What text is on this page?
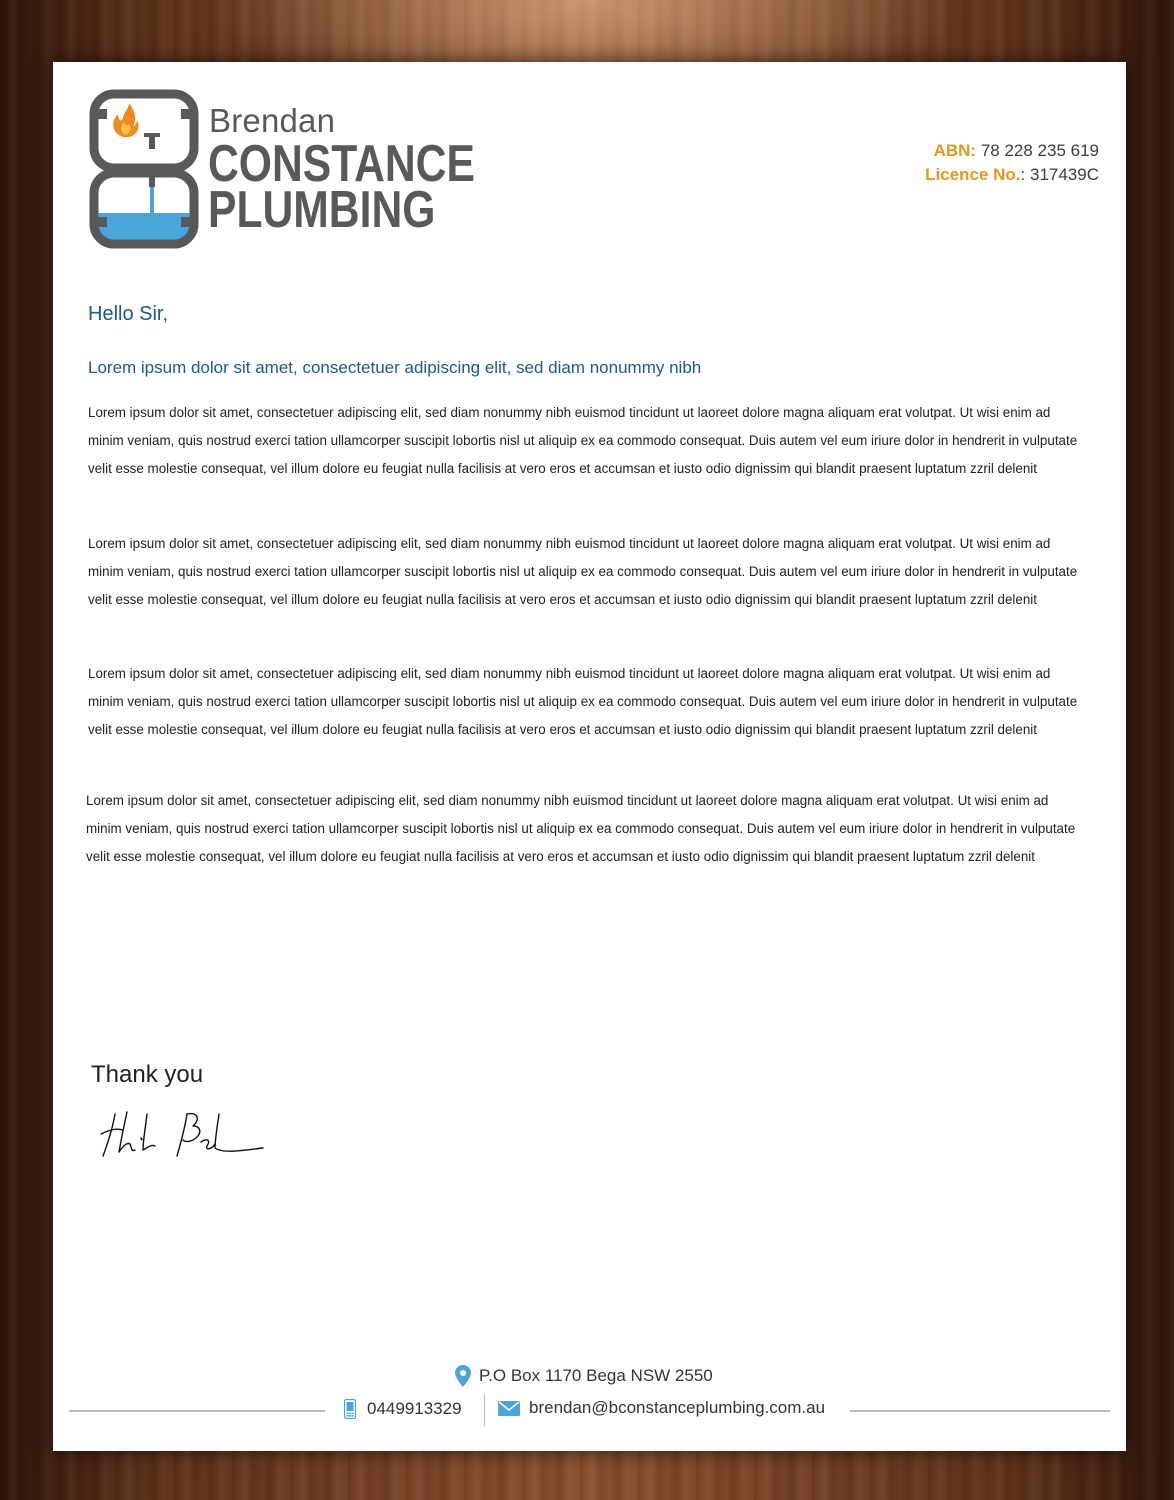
Brendan
CONSTANCE
PLUMBING
ABN: 78 228 235 619
Licence No.: 317439C
Hello Sir,
Lorem ipsum dolor sit amet, consectetuer adipiscing elit, sed diam nonummy nibh
Lorem ipsum dolor sit amet, consectetuer adipiscing elit, sed diam nonummy nibh euismod tincidunt ut laoreet dolore magna aliquam erat volutpat. Ut wisi enim ad minim veniam, quis nostrud exerci tation ullamcorper suscipit lobortis nisl ut aliquip ex ea commodo consequat. Duis autem vel eum iriure dolor in hendrerit in vulputate velit esse molestie consequat, vel illum dolore eu feugiat nulla facilisis at vero eros et accumsan et iusto odio dignissim qui blandit praesent luptatum zzril delenit
Lorem ipsum dolor sit amet, consectetuer adipiscing elit, sed diam nonummy nibh euismod tincidunt ut laoreet dolore magna aliquam erat volutpat. Ut wisi enim ad minim veniam, quis nostrud exerci tation ullamcorper suscipit lobortis nisl ut aliquip ex ea commodo consequat. Duis autem vel eum iriure dolor in hendrerit in vulputate velit esse molestie consequat, vel illum dolore eu feugiat nulla facilisis at vero eros et accumsan et iusto odio dignissim qui blandit praesent luptatum zzril delenit
Lorem ipsum dolor sit amet, consectetuer adipiscing elit, sed diam nonummy nibh euismod tincidunt ut laoreet dolore magna aliquam erat volutpat. Ut wisi enim ad minim veniam, quis nostrud exerci tation ullamcorper suscipit lobortis nisl ut aliquip ex ea commodo consequat. Duis autem vel eum iriure dolor in hendrerit in vulputate velit esse molestie consequat, vel illum dolore eu feugiat nulla facilisis at vero eros et accumsan et iusto odio dignissim qui blandit praesent luptatum zzril delenit
Lorem ipsum dolor sit amet, consectetuer adipiscing elit, sed diam nonummy nibh euismod tincidunt ut laoreet dolore magna aliquam erat volutpat. Ut wisi enim ad minim veniam, quis nostrud exerci tation ullamcorper suscipit lobortis nisl ut aliquip ex ea commodo consequat. Duis autem vel eum iriure dolor in hendrerit in vulputate velit esse molestie consequat, vel illum dolore eu feugiat nulla facilisis at vero eros et accumsan et iusto odio dignissim qui blandit praesent luptatum zzril delenit
Thank you
P.O Box 1170 Bega NSW 2550
0449913329	brendan@bconstanceplumbing.com.au
